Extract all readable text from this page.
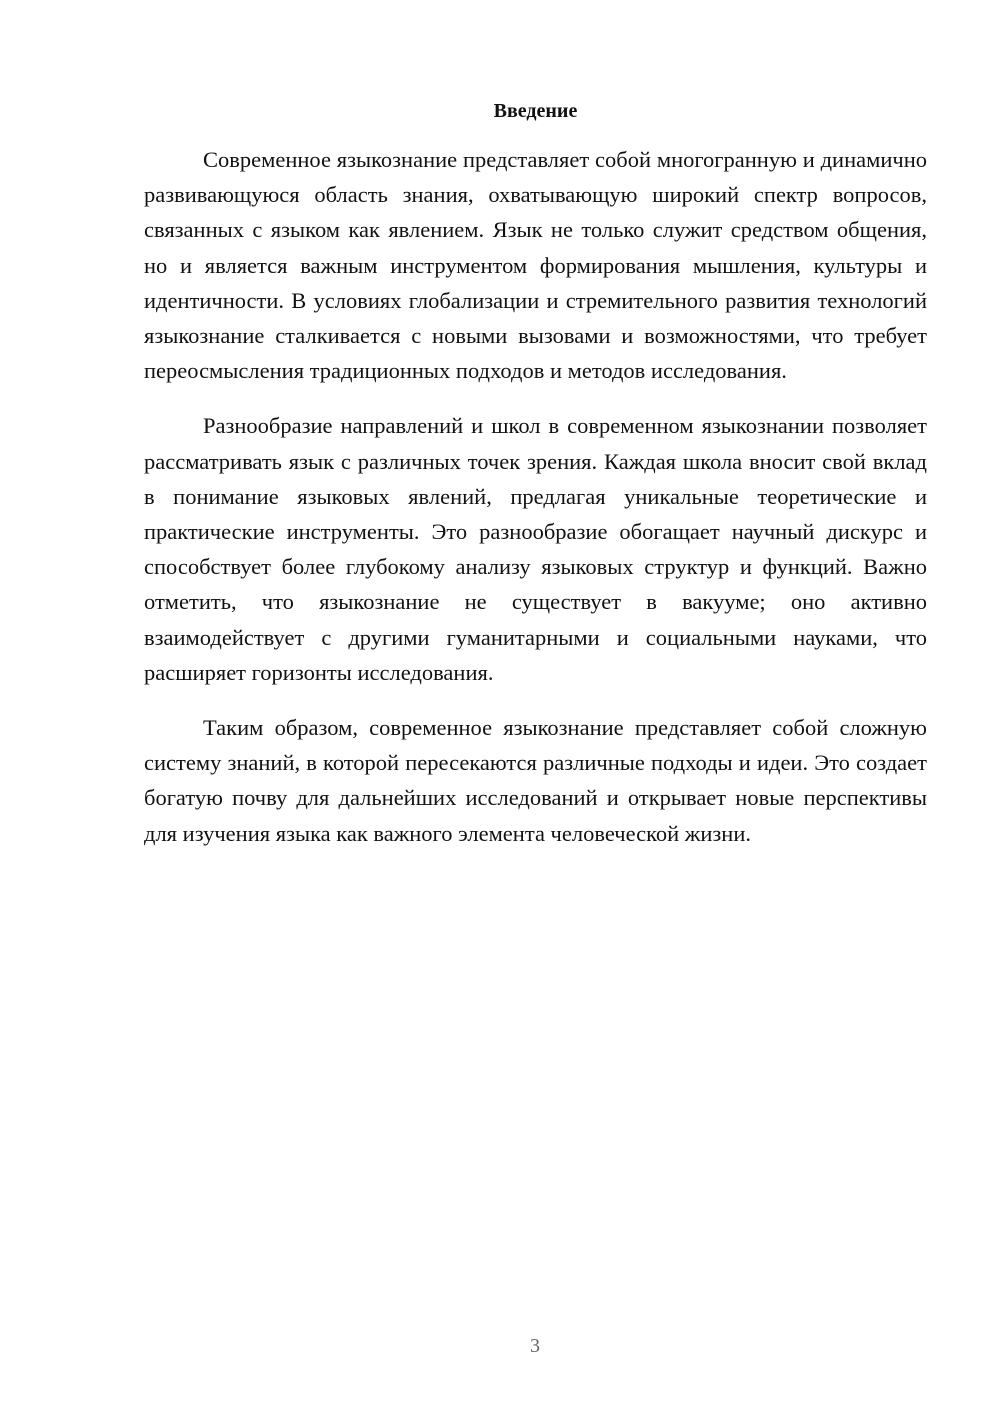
Введение

Современное языкознание представляет собой многогранную и динамично развивающуюся область знания, охватывающую широкий спектр вопросов, связанных с языком как явлением. Язык не только служит средством общения, но и является важным инструментом формирования мышления, культуры и идентичности. В условиях глобализации и стремительного развития технологий языкознание сталкивается с новыми вызовами и возможностями, что требует переосмысления традиционных подходов и методов исследования.

Разнообразие направлений и школ в современном языкознании позволяет рассматривать язык с различных точек зрения. Каждая школа вносит свой вклад в понимание языковых явлений, предлагая уникальные теоретические и практические инструменты. Это разнообразие обогащает научный дискурс и способствует более глубокому анализу языковых структур и функций. Важно отметить, что языкознание не существует в вакууме; оно активно взаимодействует с другими гуманитарными и социальными науками, что расширяет горизонты исследования.

Таким образом, современное языкознание представляет собой сложную систему знаний, в которой пересекаются различные подходы и идеи. Это создает богатую почву для дальнейших исследований и открывает новые перспективы для изучения языка как важного элемента человеческой жизни.

3
